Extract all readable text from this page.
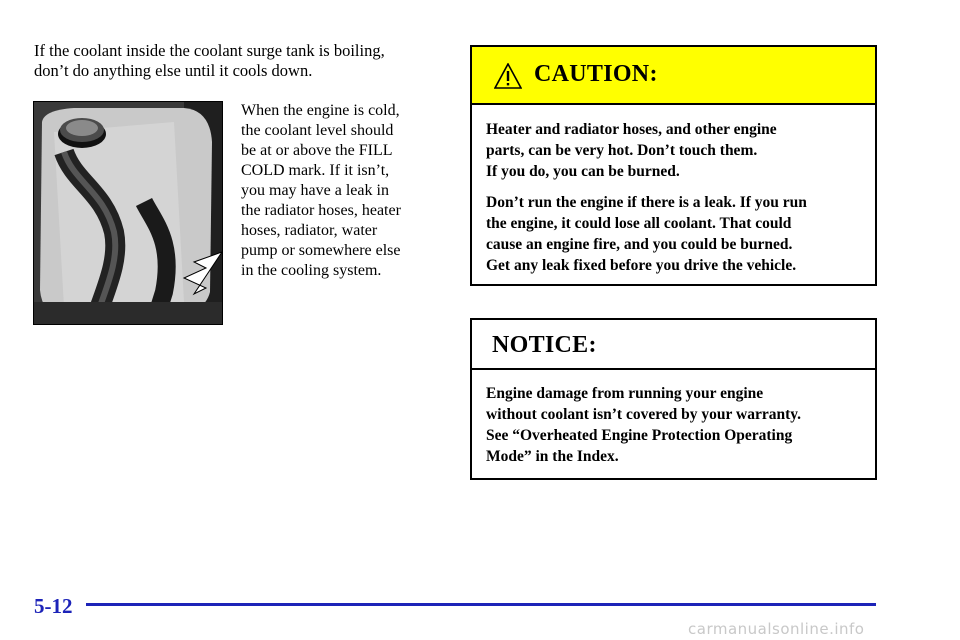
If the coolant inside the coolant surge tank is boiling,
don’t do anything else until it cools down.

When the engine is cold,
the coolant level should
be at or above the FILL
COLD mark. If it isn’t,
you may have a leak in
the radiator hoses, heater
hoses, radiator, water
pump or somewhere else
in the cooling system.

CAUTION:

Heater and radiator hoses, and other engine
parts, can be very hot. Don’t touch them.
If you do, you can be burned.

Don’t run the engine if there is a leak. If you run
the engine, it could lose all coolant. That could
cause an engine fire, and you could be burned.
Get any leak fixed before you drive the vehicle.

NOTICE:

Engine damage from running your engine
without coolant isn’t covered by your warranty.
See “Overheated Engine Protection Operating
Mode” in the Index.

5-12
carmanualsonline.info
